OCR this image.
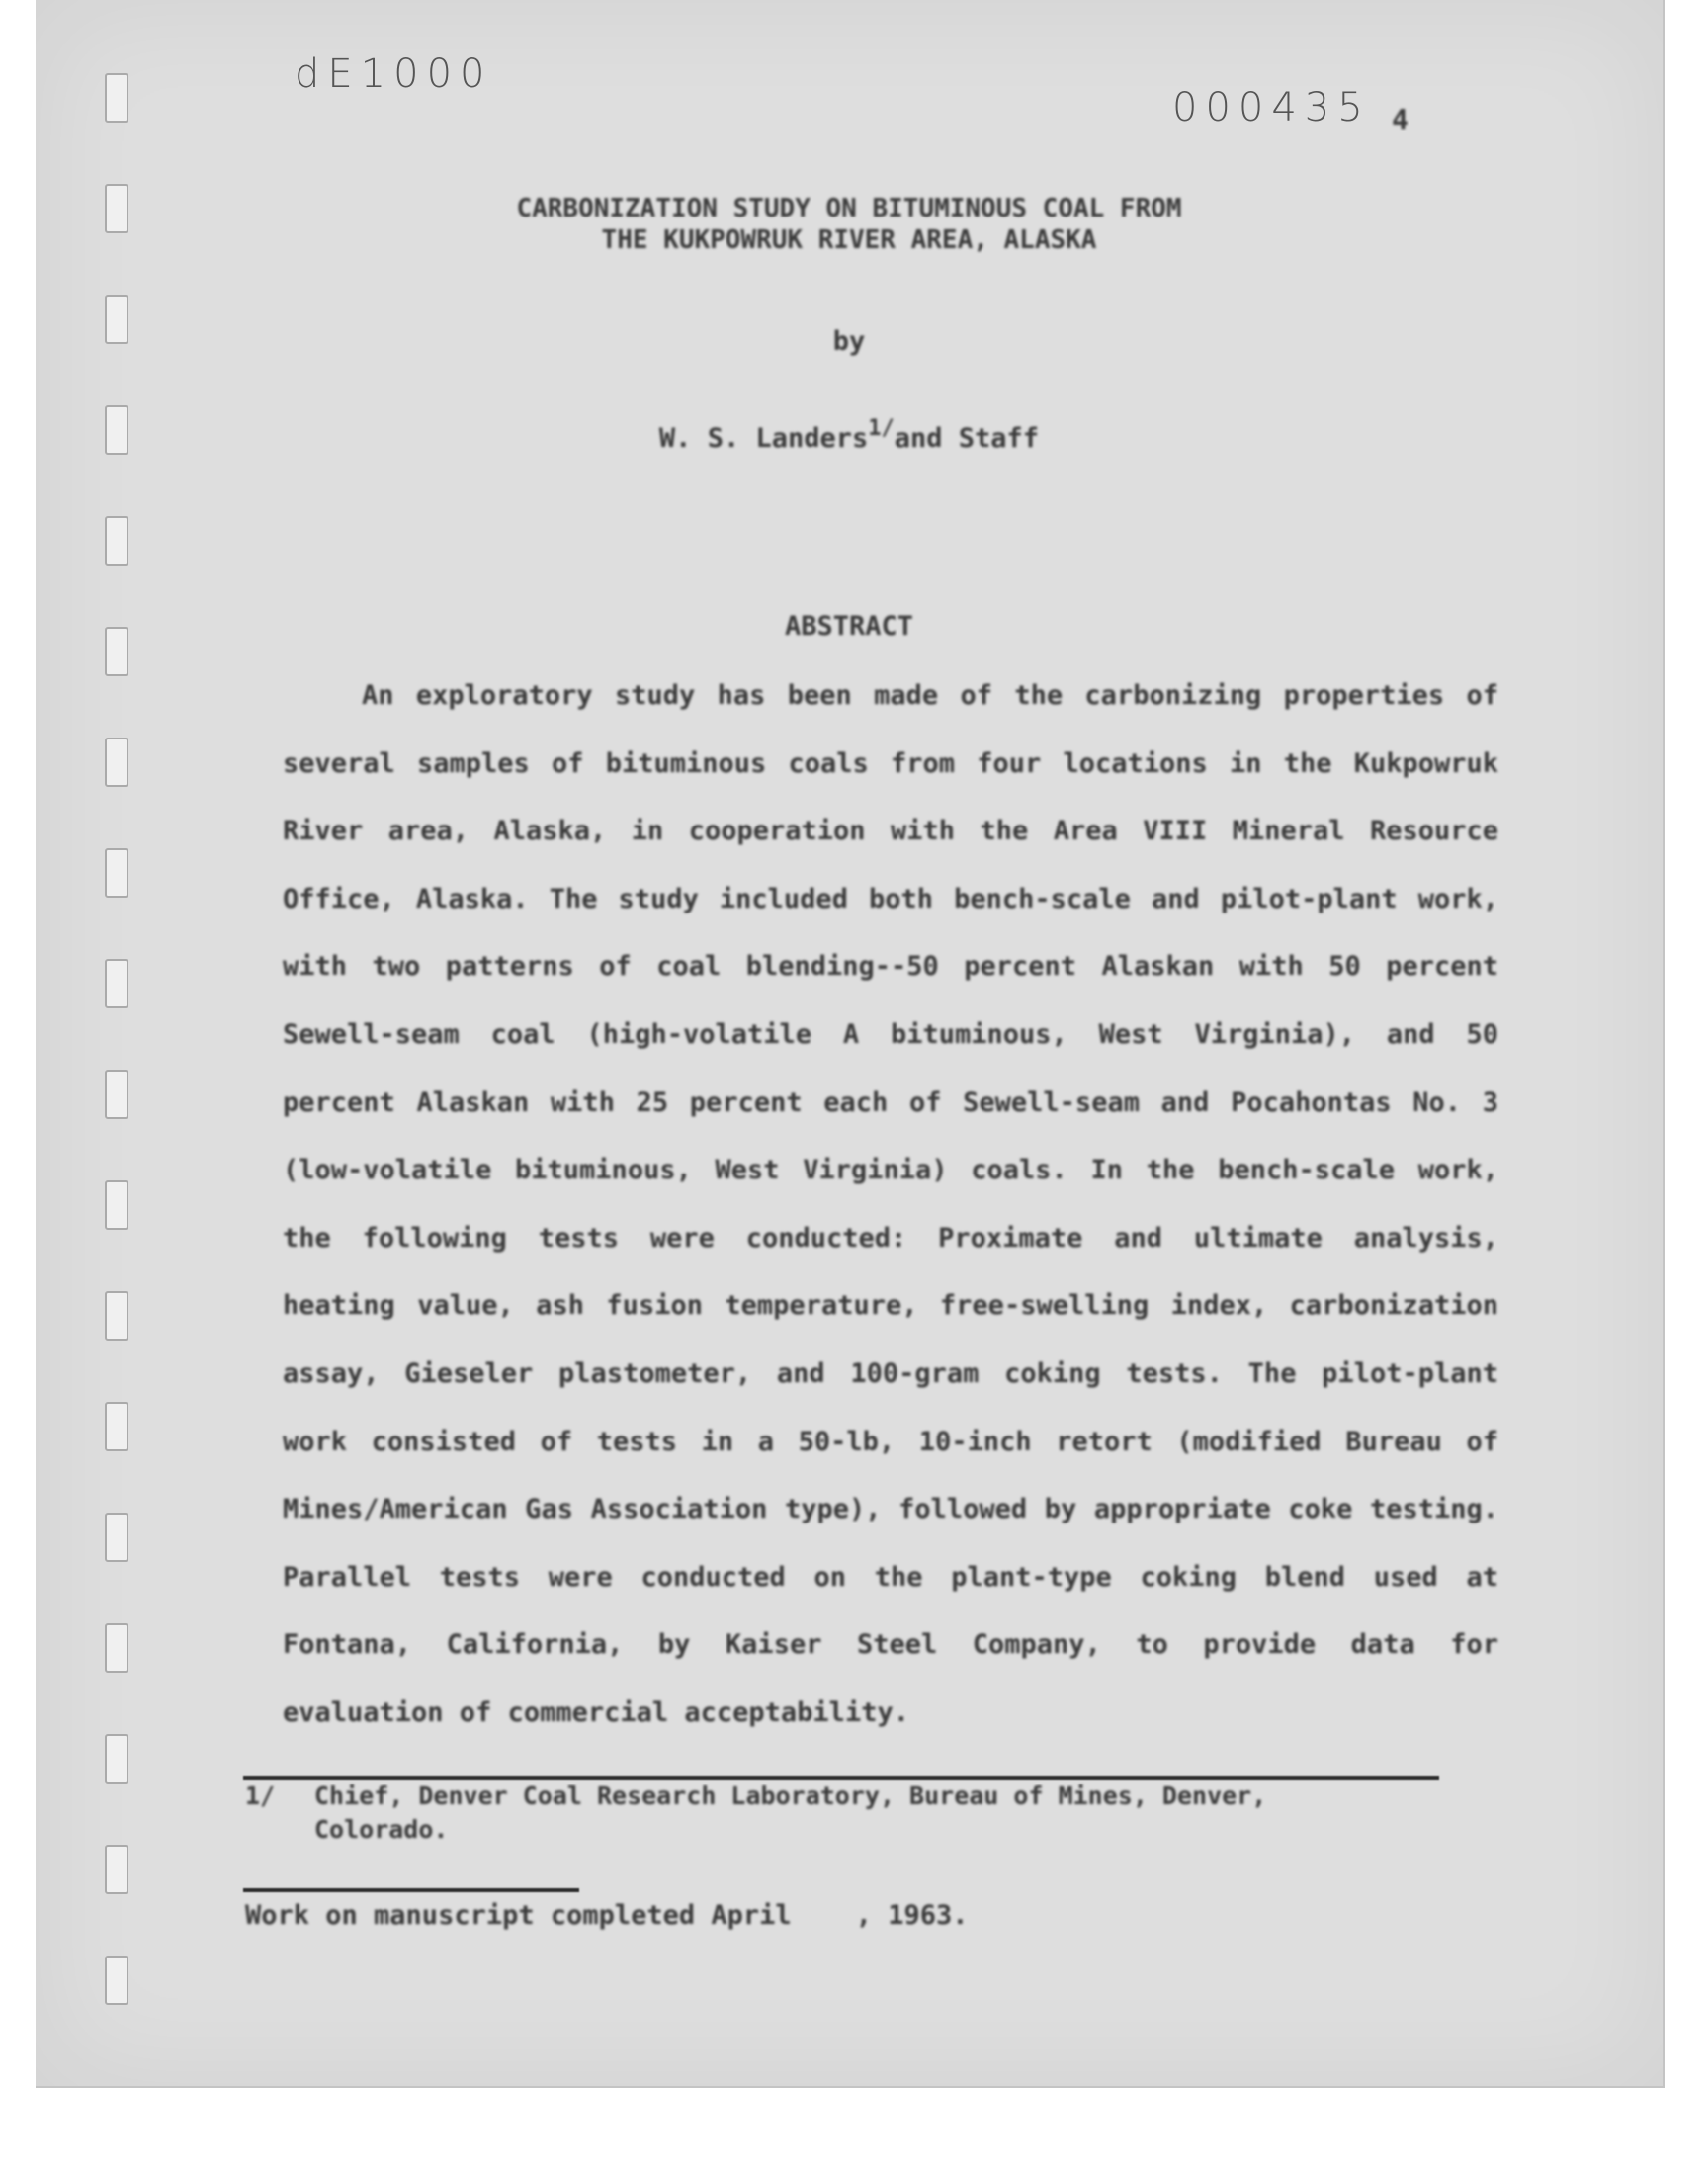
dE1000
000435 4
CARBONIZATION STUDY ON BITUMINOUS COAL FROM
THE KUKPOWRUK RIVER AREA, ALASKA
by
W. S. Landers$^{1/}$and Staff
ABSTRACT

An exploratory study has been made of the carbonizing properties of several samples of bituminous coals from four locations in the Kukpowruk River area, Alaska, in cooperation with the Area VIII Mineral Resource Office, Alaska. The study included both bench-scale and pilot-plant work, with two patterns of coal blending--50 percent Alaskan with 50 percent Sewell-seam coal (high-volatile A bituminous, West Virginia), and 50 percent Alaskan with 25 percent each of Sewell-seam and Pocahontas No. 3 (low-volatile bituminous, West Virginia) coals. In the bench-scale work, the following tests were conducted: Proximate and ultimate analysis, heating value, ash fusion temperature, free-swelling index, carbonization assay, Gieseler plastometer, and 100-gram coking tests. The pilot-plant work consisted of tests in a 50-lb, 10-inch retort (modified Bureau of Mines/American Gas Association type), followed by appropriate coke testing. Parallel tests were conducted on the plant-type coking blend used at Fontana, California, by Kaiser Steel Company, to provide data for evaluation of commercial acceptability.

1/ Chief, Denver Coal Research Laboratory, Bureau of Mines, Denver,
Colorado.
Work on manuscript completed April    , 1963.
